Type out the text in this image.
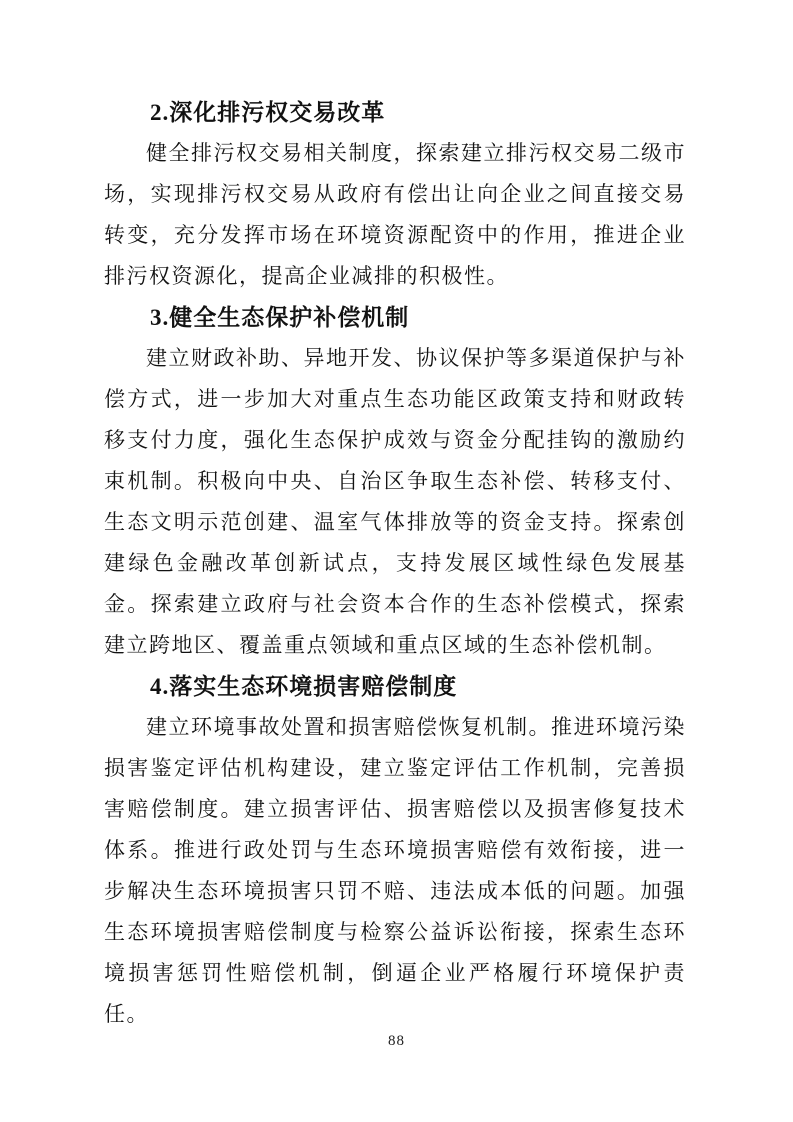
2.深化排污权交易改革

健全排污权交易相关制度，探索建立排污权交易二级市场，实现排污权交易从政府有偿出让向企业之间直接交易转变，充分发挥市场在环境资源配资中的作用，推进企业排污权资源化，提高企业减排的积极性。

3.健全生态保护补偿机制

建立财政补助、异地开发、协议保护等多渠道保护与补偿方式，进一步加大对重点生态功能区政策支持和财政转移支付力度，强化生态保护成效与资金分配挂钩的激励约束机制。积极向中央、自治区争取生态补偿、转移支付、生态文明示范创建、温室气体排放等的资金支持。探索创建绿色金融改革创新试点，支持发展区域性绿色发展基金。探索建立政府与社会资本合作的生态补偿模式，探索建立跨地区、覆盖重点领域和重点区域的生态补偿机制。

4.落实生态环境损害赔偿制度

建立环境事故处置和损害赔偿恢复机制。推进环境污染损害鉴定评估机构建设，建立鉴定评估工作机制，完善损害赔偿制度。建立损害评估、损害赔偿以及损害修复技术体系。推进行政处罚与生态环境损害赔偿有效衔接，进一步解决生态环境损害只罚不赔、违法成本低的问题。加强生态环境损害赔偿制度与检察公益诉讼衔接，探索生态环境损害惩罚性赔偿机制，倒逼企业严格履行环境保护责任。

88
